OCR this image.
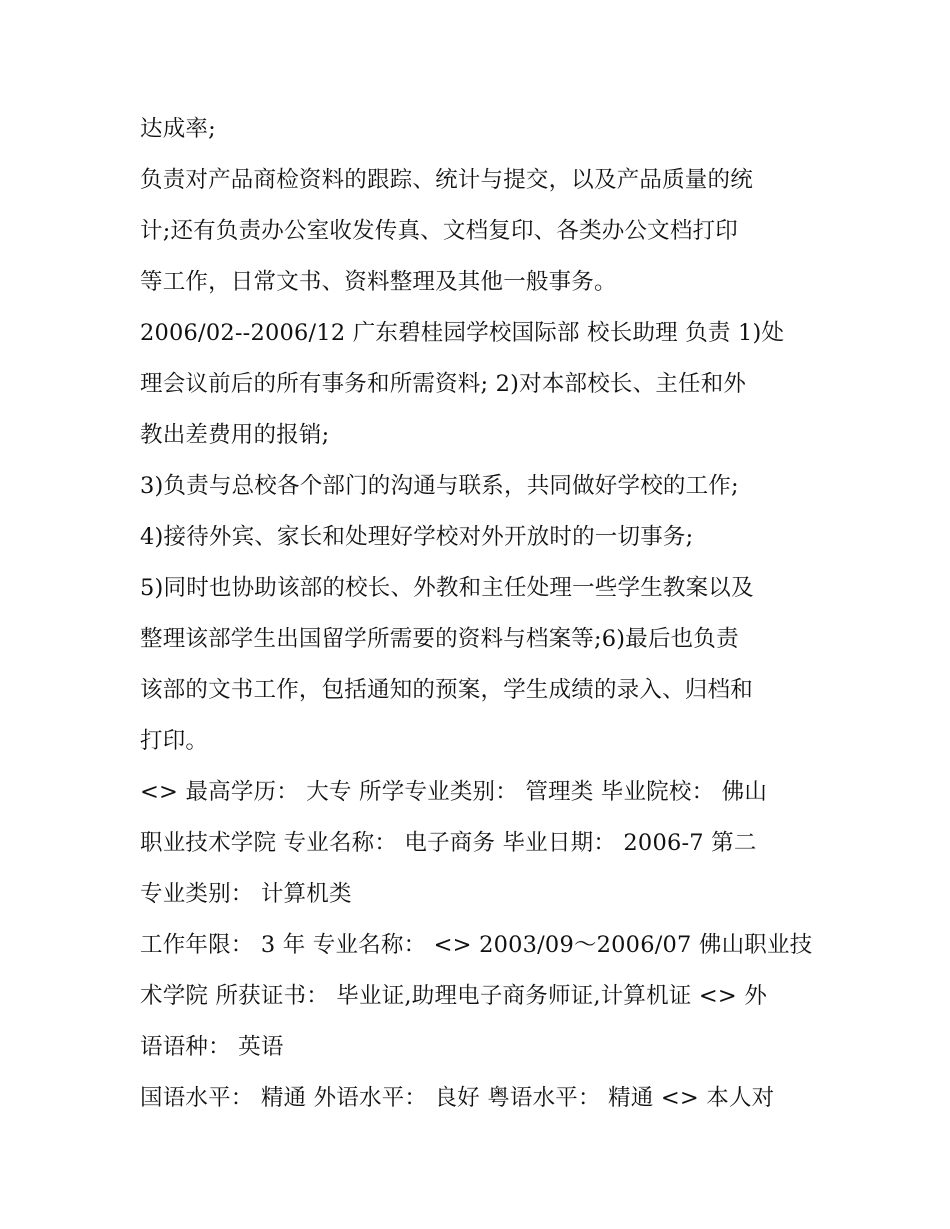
达成率;
负责对产品商检资料的跟踪、统计与提交，以及产品质量的统
计;还有负责办公室收发传真、文档复印、各类办公文档打印
等工作，日常文书、资料整理及其他一般事务。
2006/02--2006/12 广东碧桂园学校国际部 校长助理 负责 1)处
理会议前后的所有事务和所需资料; 2)对本部校长、主任和外
教出差费用的报销;
3)负责与总校各个部门的沟通与联系，共同做好学校的工作;
4)接待外宾、家长和处理好学校对外开放时的一切事务;
5)同时也协助该部的校长、外教和主任处理一些学生教案以及
整理该部学生出国留学所需要的资料与档案等;6)最后也负责
该部的文书工作，包括通知的预案，学生成绩的录入、归档和
打印。
<> 最高学历： 大专 所学专业类别： 管理类 毕业院校： 佛山
职业技术学院 专业名称： 电子商务 毕业日期： 2006-7 第二
专业类别： 计算机类
工作年限： 3 年 专业名称： <> 2003/09～2006/07 佛山职业技
术学院 所获证书： 毕业证,助理电子商务师证,计算机证 <> 外
语语种： 英语
国语水平： 精通 外语水平： 良好 粤语水平： 精通 <> 本人对
